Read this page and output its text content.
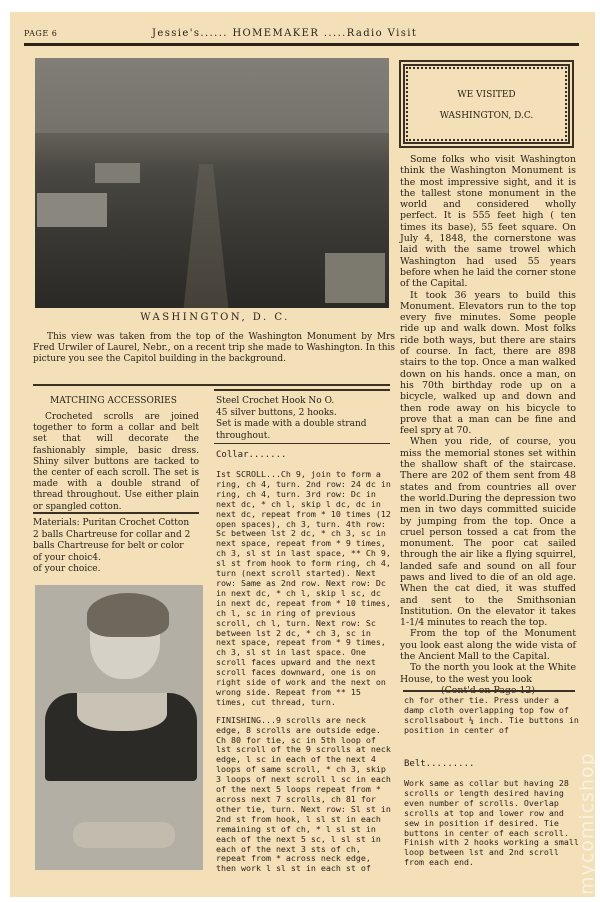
PAGE 6	Jessie's...... HOMEMAKER .....Radio Visit
WASHINGTON, D. C.
This view was taken from the top of the Washington Monument by Mrs Fred Urwiler of Laurel, Nebr., on a recent trip she made to Washington. In this picture you see the Capitol building in the background.
WE VISITED
WASHINGTON, D.C.

Some folks who visit Washington think the Washington Monument is the most impressive sight, and it is the tallest stone monument in the world and considered wholly perfect. It is 555 feet high ( ten times its base), 55 feet square. On July 4, 1848, the cornerstone was laid with the same trowel which Washington had used 55 years before when he laid the corner stone of the Capital.

It took 36 years to build this Monument. Elevators run to the top every five minutes. Some people ride up and walk down. Most folks ride both ways, but there are stairs of course. In fact, there are 898 stairs to the top. Once a man walked down on his hands. once a man, on his 70th birthday rode up on a bicycle, walked up and down and then rode away on his bicycle to prove that a man can be fine and feel spry at 70.

When you ride, of course, you miss the memorial stones set within the shallow shaft of the staircase. There are 202 of them sent from 48 states and from countries all over the world.During the depression two men in two days committed suicide by jumping from the top. Once a cruel person tossed a cat from the monument. The poor cat sailed through the air like a flying squirrel, landed safe and sound on all four paws and lived to die of an old age. When the cat died, it was stuffed and sent to the Smithsonian Institution. On the elevator it takes 1-1/4 minutes to reach the top.

From the top of the Monument you look east along the wide vista of the Ancient Mall to the Capital.

To the north you look at the White House, to the west you look

MATCHING ACCESSORIES
Crocheted scrolls are joined together to form a collar and belt set that will decorate the fashionably simple, basic dress. Shiny silver buttons are tacked to the center of each scroll. The set is made with a double strand of thread throughout. Use either plain or spangled cotton.
Materials: Puritan Crochet Cotton
2 balls Chartreuse for collar and 2
balls Chartreuse for belt or color
of your choic4.
of your choice.
Steel Crochet Hook No O.
45 silver buttons, 2 hooks.
Set is made with a double strand throughout.
Collar.......

Ist SCROLL...Ch 9, join to form a ring, ch 4, turn. 2nd row: 24 dc in ring, ch 4, turn. 3rd row: Dc in next dc, * ch l, skip l dc, dc in next dc, repeat from * 10 times (12 open spaces), ch 3, turn. 4th row: Sc between lst 2 dc, * ch 3, sc in next space, repeat from * 9 times, ch 3, sl st in last space, ** Ch 9, sl st from hook to form ring, ch 4, turn (next scroll started). Next row: Same as 2nd row. Next row: Dc in next dc, * ch l, skip l sc, dc in next dc, repeat from * 10 times, ch l, sc in ring of previous scroll, ch l, turn. Next row: Sc between lst 2 dc, * ch 3, sc in next space, repeat from * 9 times, ch 3, sl st in last space. One scroll faces upward and the next scroll faces downward, one is on right side of work and the next on wrong side. Repeat from ** 15 times, cut thread, turn.

FINISHING...9 scrolls are neck edge, 8 scrolls are outside edge. Ch 80 for tie, sc in 5th loop of lst scroll of the 9 scrolls at neck edge, l sc in each of the next 4 loops of same scroll, * ch 3, skip 3 loops of next scroll l sc in each of the next 5 loops repeat from * across next 7 scrolls, ch 81 for other tie, turn. Next row: Sl st in 2nd st from hook, l sl st in each remaining st of ch, * l sl st in each of the next 5 sc, l sl st in each of the next 3 sts of ch, repeat from * across neck edge, then work l sl st in each st of

ch for other tie. Press under a damp cloth overlapping top fow of scrollsabout ¼ inch. Tie buttons in position in center of
Belt.........
Work same as collar but having 28 scrolls or length desired having even number of scrolls. Overlap scrolls at top and lower row and sew in position if desired. Tie buttons in center of each scroll. Finish with 2 hooks working a small loop between lst and 2nd scroll from each end.	mycomicshop
